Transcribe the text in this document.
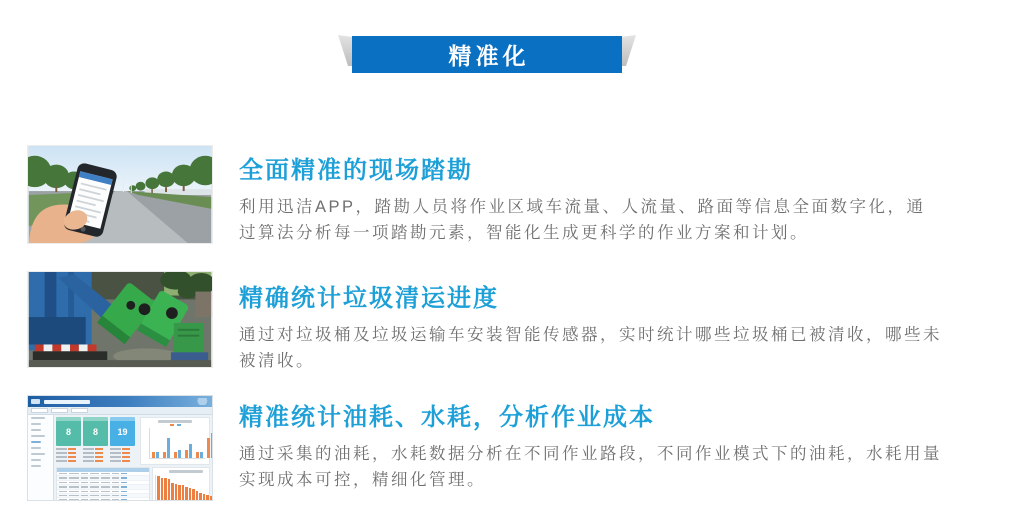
精准化
全面精准的现场踏勘
利用迅洁APP，踏勘人员将作业区域车流量、人流量、路面等信息全面数字化，通
过算法分析每一项踏勘元素，智能化生成更科学的作业方案和计划。
精确统计垃圾清运进度
通过对垃圾桶及垃圾运输车安装智能传感器，实时统计哪些垃圾桶已被清收，哪些未
被清收。
8	8	19
精准统计油耗、水耗，分析作业成本
通过采集的油耗，水耗数据分析在不同作业路段，不同作业模式下的油耗，水耗用量
实现成本可控，精细化管理。
